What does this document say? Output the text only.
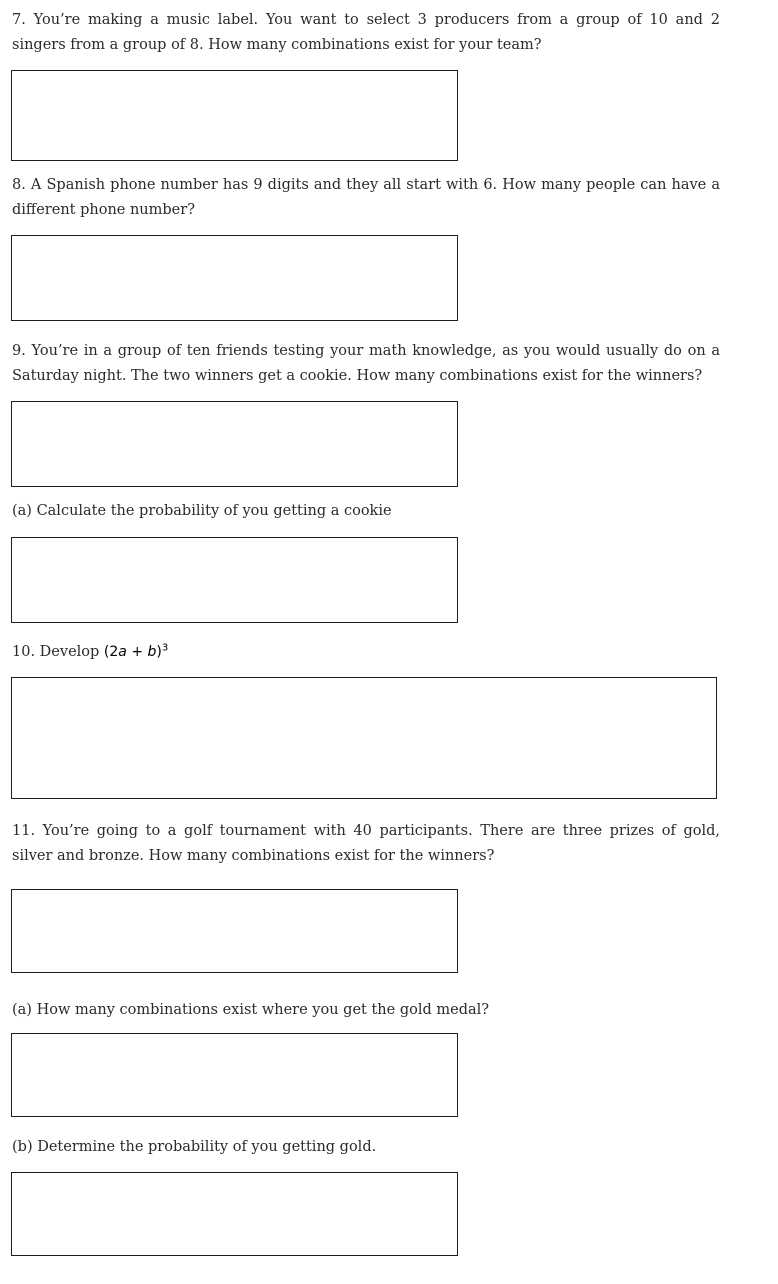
7. You’re making a music label. You want to select 3 producers from a group of 10 and 2 singers from a group of 8. How many combinations exist for your team?

8. A Spanish phone number has 9 digits and they all start with 6. How many people can have a different phone number?

9. You’re in a group of ten friends testing your math knowledge, as you would usually do on a Saturday night. The two winners get a cookie. How many combinations exist for the winners?

(a) Calculate the probability of you getting a cookie

10. Develop $(2a + b)^3$

11. You’re going to a golf tournament with 40 participants. There are three prizes of gold, silver and bronze. How many combinations exist for the winners?

(a) How many combinations exist where you get the gold medal?

(b) Determine the probability of you getting gold.
